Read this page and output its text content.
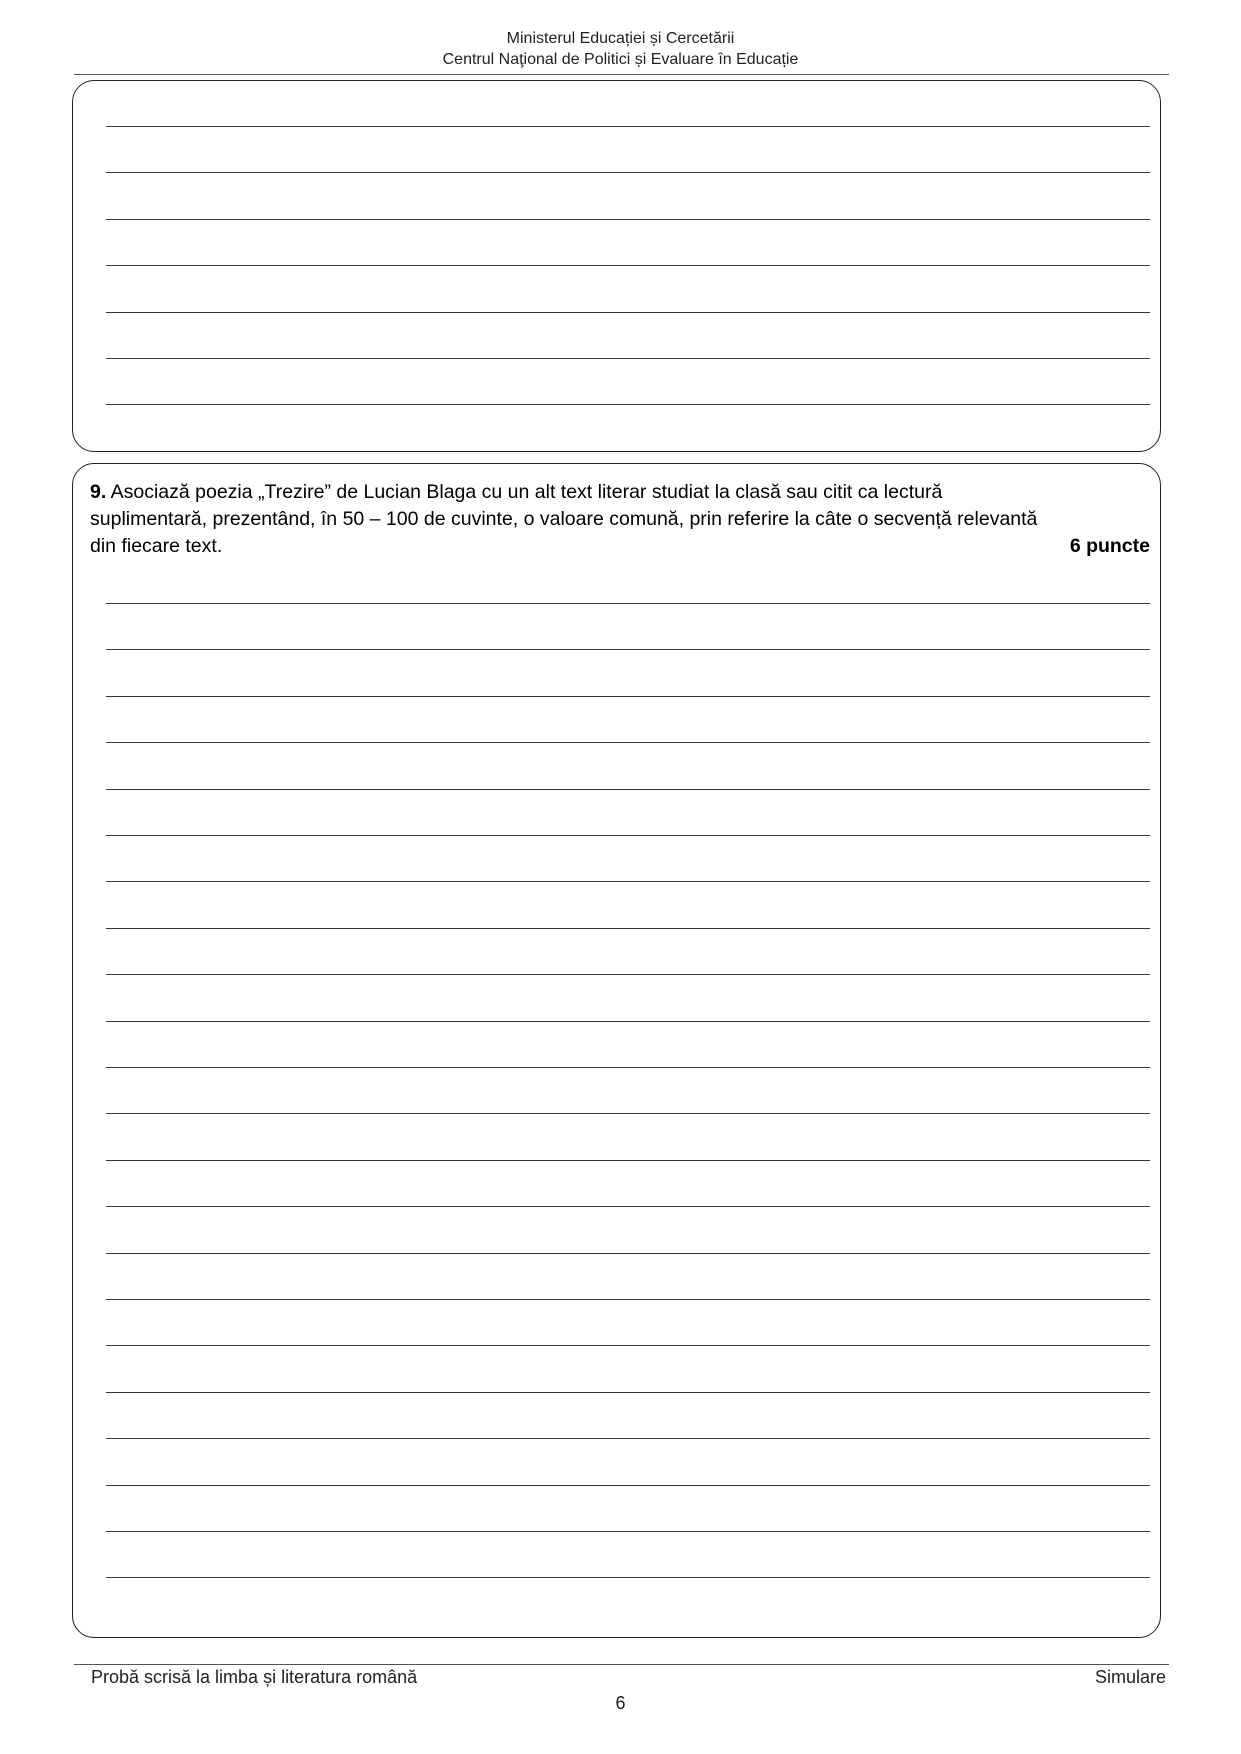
Ministerul Educației și Cercetării
Centrul Naţional de Politici și Evaluare în Educație
9. Asociază poezia „Trezire” de Lucian Blaga cu un alt text literar studiat la clasă sau citit ca lectură
suplimentară, prezentând, în 50 – 100 de cuvinte, o valoare comună, prin referire la câte o secvență relevantă
din fiecare text.	6 puncte
Probă scrisă la limba și literatura română	Simulare
6
